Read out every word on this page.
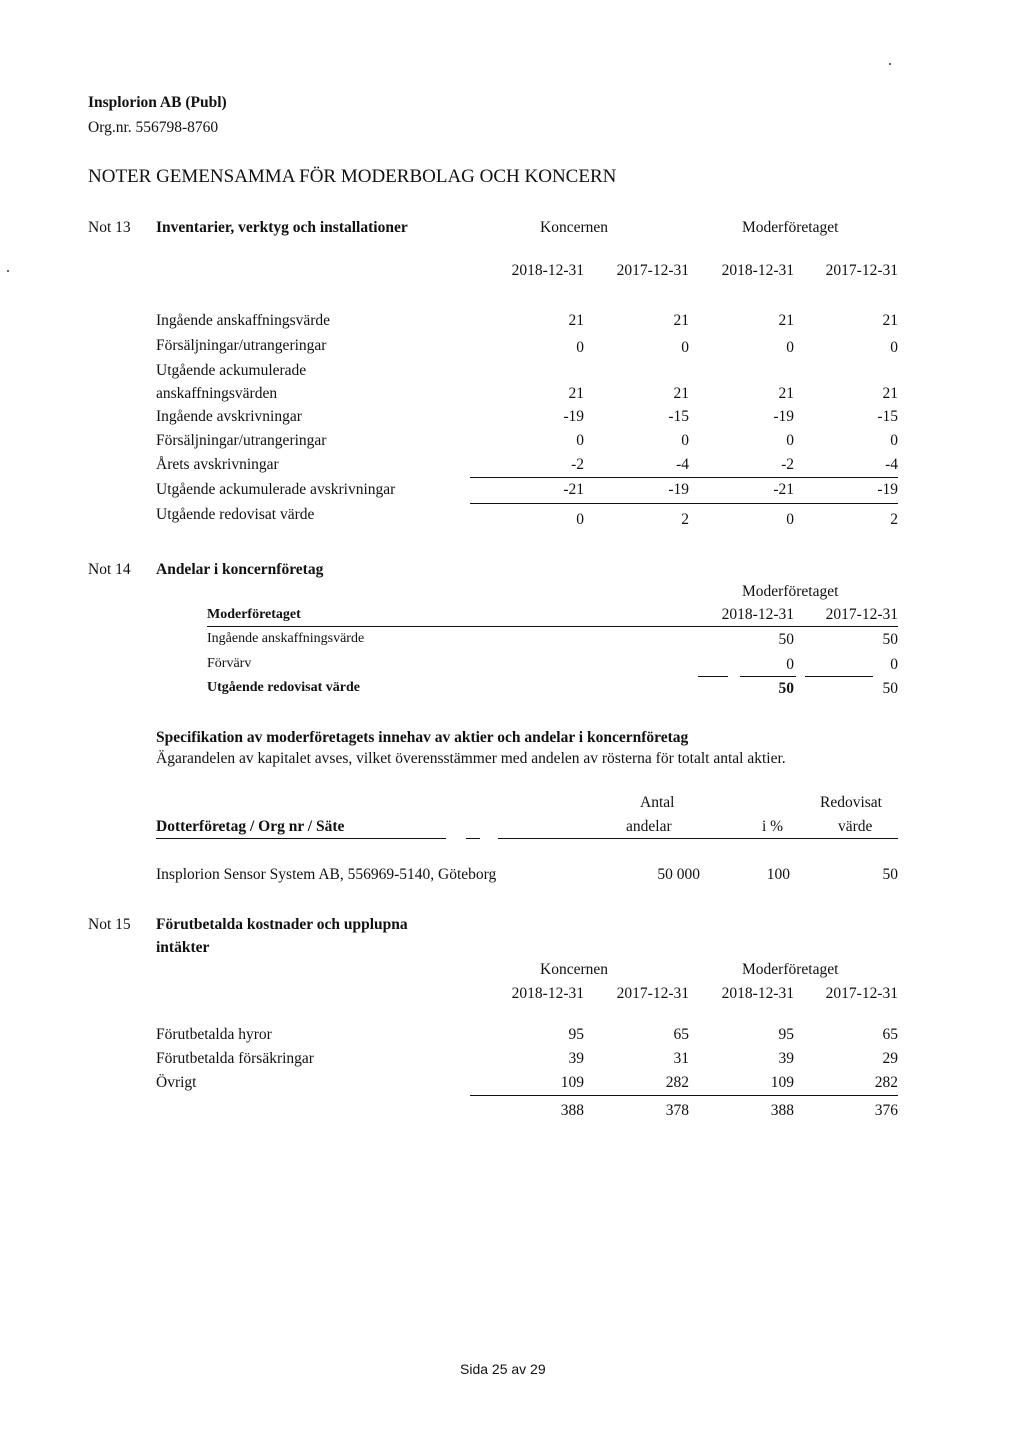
Insplorion AB (Publ)
Org.nr. 556798-8760
NOTER GEMENSAMMA FÖR MODERBOLAG OCH KONCERN
Not 13 Inventarier, verktyg och installationer	Koncernen	Moderföretaget
2018-12-31	2017-12-31	2018-12-31	2017-12-31
Ingående anskaffningsvärde	21	21	21	21
Försäljningar/utrangeringar	0	0	0	0
Utgående ackumulerade
anskaffningsvärden	21	21	21	21
Ingående avskrivningar	-19	-15	-19	-15
Försäljningar/utrangeringar	0	0	0	0
Årets avskrivningar	-2	-4	-2	-4
Utgående ackumulerade avskrivningar	-21	-19	-21	-19
Utgående redovisat värde	0	2	0	2
Not 14 Andelar i koncernföretag
Moderföretaget
Moderföretaget	2018-12-31	2017-12-31
Ingående anskaffningsvärde	50	50
Förvärv	0	0
Utgående redovisat värde	50	50
Specifikation av moderföretagets innehav av aktier och andelar i koncernföretag
Ägarandelen av kapitalet avses, vilket överensstämmer med andelen av rösterna för totalt antal aktier.
Antal	Redovisat
Dotterföretag / Org nr / Säte	andelar	i %	värde
Insplorion Sensor System AB, 556969-5140, Göteborg	50 000	100	50
Not 15 Förutbetalda kostnader och upplupna
intäkter
Koncernen	Moderföretaget
2018-12-31	2017-12-31	2018-12-31	2017-12-31
Förutbetalda hyror	95	65	95	65
Förutbetalda försäkringar	39	31	39	29
Övrigt	109	282	109	282
388	378	388	376
Sida 25 av 29
